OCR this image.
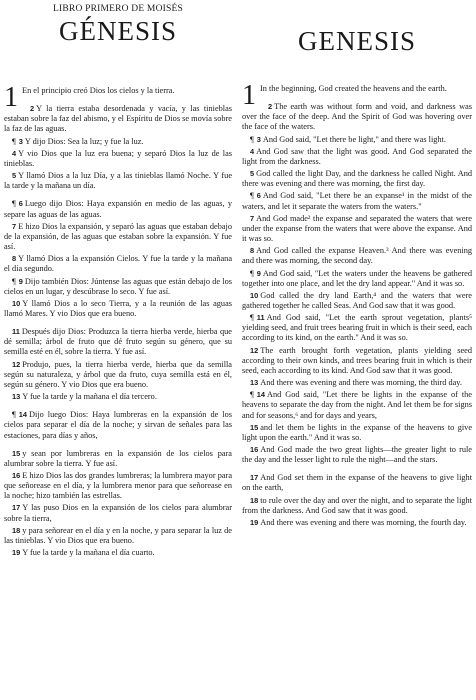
LIBRO PRIMERO DE MOISÉS
GÉNESIS

1 En el principio creó Dios los cielos y la tierra.

2 Y la tierra estaba desordenada y vacía, y las tinieblas estaban sobre la faz del abismo, y el Espíritu de Dios se movía sobre la faz de las aguas.

¶ 3 Y dijo Dios: Sea la luz; y fue la luz.

4 Y vio Dios que la luz era buena; y separó Dios la luz de las tinieblas.

5 Y llamó Dios a la luz Día, y a las tinieblas llamó Noche. Y fue la tarde y la mañana un día.

¶ 6 Luego dijo Dios: Haya expansión en medio de las aguas, y separe las aguas de las aguas.

7 E hizo Dios la expansión, y separó las aguas que estaban debajo de la expansión, de las aguas que estaban sobre la expansión. Y fue así.

8 Y llamó Dios a la expansión Cielos. Y fue la tarde y la mañana el día segundo.

¶ 9 Dijo también Dios: Júntense las aguas que están debajo de los cielos en un lugar, y descúbrase lo seco. Y fue así.

10 Y llamó Dios a lo seco Tierra, y a la reunión de las aguas llamó Mares. Y vio Dios que era bueno.

11 Después dijo Dios: Produzca la tierra hierba verde, hierba que dé semilla; árbol de fruto que dé fruto según su género, que su semilla esté en él, sobre la tierra. Y fue así.

12 Produjo, pues, la tierra hierba verde, hierba que da semilla según su naturaleza, y árbol que da fruto, cuya semilla está en él, según su género. Y vio Dios que era bueno.

13 Y fue la tarde y la mañana el día tercero.

¶ 14 Dijo luego Dios: Haya lumbreras en la expansión de los cielos para separar el día de la noche; y sirvan de señales para las estaciones, para días y años,

15 y sean por lumbreras en la expansión de los cielos para alumbrar sobre la tierra. Y fue así.

16 E hizo Dios las dos grandes lumbreras; la lumbrera mayor para que señorease en el día, y la lumbrera menor para que señorease en la noche; hizo también las estrellas.

17 Y las puso Dios en la expansión de los cielos para alumbrar sobre la tierra,

18 y para señorear en el día y en la noche, y para separar la luz de las tinieblas. Y vio Dios que era bueno.

19 Y fue la tarde y la mañana el día cuarto.

GENESIS

1 In the beginning, God created the heavens and the earth.

2 The earth was without form and void, and darkness was over the face of the deep. And the Spirit of God was hovering over the face of the waters.

¶ 3 And God said, "Let there be light," and there was light.

4 And God saw that the light was good. And God separated the light from the darkness.

5 God called the light Day, and the darkness he called Night. And there was evening and there was morning, the first day.

¶ 6 And God said, "Let there be an expanse¹ in the midst of the waters, and let it separate the waters from the waters."

7 And God made² the expanse and separated the waters that were under the expanse from the waters that were above the expanse. And it was so.

8 And God called the expanse Heaven.³ And there was evening and there was morning, the second day.

¶ 9 And God said, "Let the waters under the heavens be gathered together into one place, and let the dry land appear." And it was so.

10 God called the dry land Earth,⁴ and the waters that were gathered together he called Seas. And God saw that it was good.

¶ 11 And God said, "Let the earth sprout vegetation, plants⁵ yielding seed, and fruit trees bearing fruit in which is their seed, each according to its kind, on the earth." And it was so.

12 The earth brought forth vegetation, plants yielding seed according to their own kinds, and trees bearing fruit in which is their seed, each according to its kind. And God saw that it was good.

13 And there was evening and there was morning, the third day.

¶ 14 And God said, "Let there be lights in the expanse of the heavens to separate the day from the night. And let them be for signs and for seasons,⁶ and for days and years,

15 and let them be lights in the expanse of the heavens to give light upon the earth." And it was so.

16 And God made the two great lights—the greater light to rule the day and the lesser light to rule the night—and the stars.

17 And God set them in the expanse of the heavens to give light on the earth,

18 to rule over the day and over the night, and to separate the light from the darkness. And God saw that it was good.

19 And there was evening and there was morning, the fourth day.
